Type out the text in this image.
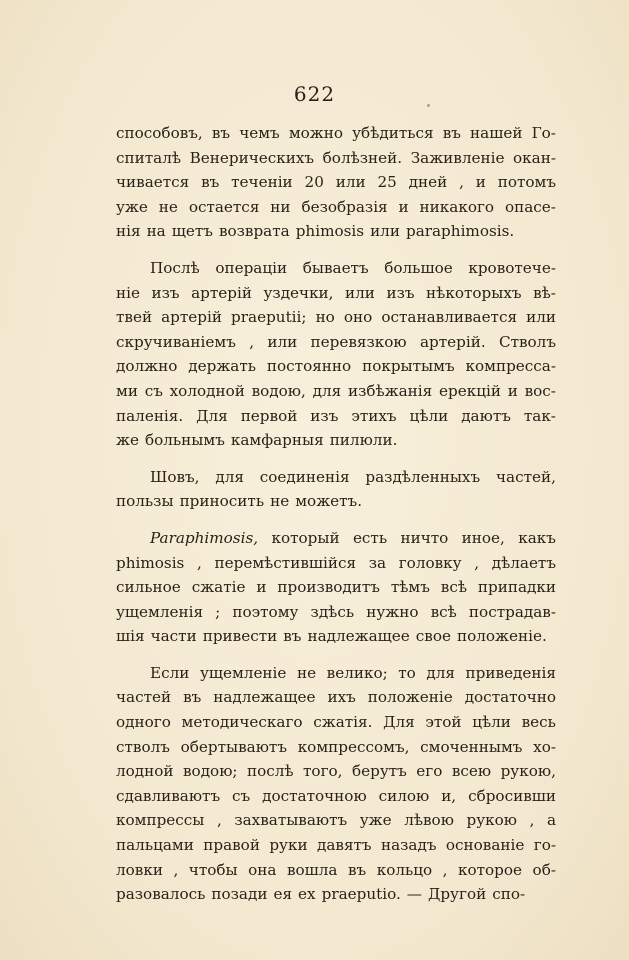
622
способовъ, въ чемъ можно убѣдиться въ нашей Го-
спиталѣ Венерическихъ болѣзней. Заживленіе окан-
чивается въ теченіи 20 или 25 дней , и потомъ
уже не остается ни безобразія и никакого опасе-
нія на щетъ возврата phimosis или paraphimosis.
Послѣ операціи бываетъ большое кровотече-
ніе изъ артерій уздечки, или изъ нѣкоторыхъ вѣ-
твей артерій praeputii; но оно останавливается или
скручиваніемъ , или перевязкою артерій. Стволъ
должно держать постоянно покрытымъ компресса-
ми съ холодной водою, для избѣжанія ерекцій и вос-
паленія. Для первой изъ этихъ цѣли даютъ так-
же больнымъ камфарныя пилюли.
Шовъ, для соединенія раздѣленныхъ частей,
пользы приносить не можетъ.
Paraphimosis, который есть ничто иное, какъ
phimosis , перемѣстившійся за головку , дѣлаетъ
сильное сжатіе и производитъ тѣмъ всѣ припадки
ущемленія ; поэтому здѣсь нужно всѣ пострадав-
шія части привести въ надлежащее свое положеніе.
Если ущемленіе не велико; то для приведенія
частей въ надлежащее ихъ положеніе достаточно
одного методическаго сжатія. Для этой цѣли весь
стволъ обертываютъ компрессомъ, смоченнымъ хо-
лодной водою; послѣ того, берутъ его всею рукою,
сдавливаютъ съ достаточною силою и, сбросивши
компрессы , захватываютъ уже лѣвою рукою , а
пальцами правой руки давятъ назадъ основаніе го-
ловки , чтобы она вошла въ кольцо , которое об-
разовалось позади ея ex praeputio. — Другой спо-
